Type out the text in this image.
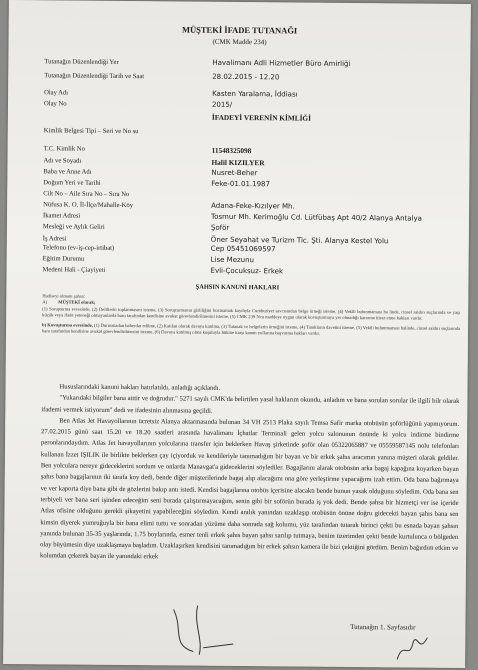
MÜŞTEKİ İFADE TUTANAĞI
(CMK Madde 234)
Tutanağın Düzenlendiği Yer	Havalimanı Adli Hizmetler Büro Amirliği
Tutanağın Düzenlendiği Tarih ve Saat	28.02.2015 - 12.20
Olay Adı	Kasten Yaralama, İddiası
Olay No	2015/
İFADEYİ VERENİN KİMLİĞİ
Kimlik Belgesi Tipi – Seri ve No su
T.C. Kimlik No	11548325098
Adı ve Soyadı	Halil KIZILYER
Baba ve Anne Adı	Nusret-Beher
Doğum Yeri ve Tarihi	Feke-01.01.1987
Cilt No – Aile Sıra No – Sıra No
Nüfusa K. O. İl-İlçe/Mahalle-Köy	Adana-Feke-Kızılyer Mh.
İkamet Adresi	Tosmur Mh. Kerimoğlu Cd. Lütfübaş Apt 40/2 Alanya Antalya
Mesleği ve Aylık Geliri	Şoför
İş Adresi	Öner Seyahat ve Turizm Tic. Şti. Alanya Kestel Yolu
Telefonu (ev-iş-cep-irtibat)	Cep 05451069597
Eğitim Durumu	Lise Mezunu
Medeni Hali - Çiayiyeti	Evli-Çocuksuz- Erkek
ŞAHSIN KANUNİ HAKLARI
Hadiseyi olmanı şahsa:
A) MÜŞTEKİ olarak;
(1) Soruşturma evresinde, (2) Delillerin toplanmasını isteme, (3) Soruşturmanın gizliliğini bozmamak kaydıyla Cumhuriyet savcısından belge örneği isteme, (4) Vekili bulunmaması ha linde, cinsel saldırı suçlarında ve yaşı küçük veya ifade yeteneği olmayanlarda baro tarafından kendisine avukat görevlendirilmesini isteme, (5) CMK 239 Ncu maddeye uygun olarak kovuşturmaya yer olmadığı kararına itiraz etme hakları vardır.
b) Kovuşturma evresinde, (1) Durusmadan haberdar edilme, (2) Katılan olarak davaya katılma, (3) Tutanak ve belgelerin örneğini isteme, (4) Tanıkların davetini isteme, (5) Vekili bulunmaması halinde, cinsel saldırı suçlarında baro tarafından kendisine avukat görevlendirilmesini isteme, (6) Davaya katılmış olma koşuluyla hükme karşı kanun yollarına başvurma hakları vardır.

Hususlarındaki kanuni hakları hatırlatıldı, anladığı açıklandı.

"Yukarıdaki bilgiler bana aittir ve doğrudur." 5271 sayılı CMK'da belirtilen yasal haklarım okundu, anladım ve bana sorulan sorular ile ilgili bilr olarak ifademi vermek istiyorum" dedi ve ifadesinin alınmasına geçildi.

Ben Atlas Jet Havayollarının ücretsiz Alanya aktarmasında bulunan 34 VH 2513 Plaka sayılı Temsa Safir marka otobüsün şoförlüğünü yapmıyorum. 27.02.2015 günü saat 15.20 ve 18.20 saatleri arasında havalimanı İçhatlar Terminali gelen yolcu salonunun önünde ki yolcu indirme bindirme peronlarındaydım. Atlas Jet havayollarının yolcularına transfer için beklerken Havaş şirketinde şoför olan 05322065887 ve 05559587145 nolu telefonları kullanan İzzet IŞILIK ile birlikte beklerken çay içiyorduk ve kendileriyle tanımadığım bir bayan ve bir erkek şahıs aracımın yanına müşteri olarak geldiler. Ben yolculara nereye gideceklerini sordum ve onlarda Manavgat'a gideceklerini söylediler. Bagajlarını alarak otobüsün arka bagaj kapağına koyarken bayan şahıs bana bagajlarının iki tarafa koy dedi, bende diğer müşterilerinde bagaj alıp alacağımı ona göre yerleştirme yapacağımı izah ettim. Oda bana bağırmaya ve ver kaporta diye bana gibi de gözlerini bakıp antı istedi. Kendisi bagajlarına otobüs içerisine alacaktı bende bunun yasak olduğunu söyledim. Oda bana sen terbiyeli ver bana seri işinden edeceğim seni burada çalıştırmayacağım, senin gibi bir soförün burada iş yok dedi. Bende şahsa bir hizmetçi ver ise içeride Atlas ofisine olduğunu gerekli şikayetini yapabileceğini söyledim. Kendi aralık yanından uzaklaşıp otobüsün önüne doğru gidecekti bayan şahıs bana sen kimsin diyerek yumruğuyla bir bana elimi tuttu ve sonradan yüzüme daha sonrada sağ kolumu, yüz tarafından tutarak birinci çekti bu esnada bayan şahsın yanında bulunan 35-35 yaşlarında, 1.75 boylarında, esmer tenli erkek şahıs bayan şahsı sarılıp tutmaya, benim üzerimden çekti bende kurtulunca o bölgeden olay büyümesin diye uzaklaşmaya başladım. Uzaklaşırken kendisini tanımadığım bir erkek şahsın kamera ile bizi çektiğini gördüm. Benim bağırdım etkim ve kolumdan çekerek bayan ile yanındaki erkek

Tutanağın 1. Sayfasıdır
